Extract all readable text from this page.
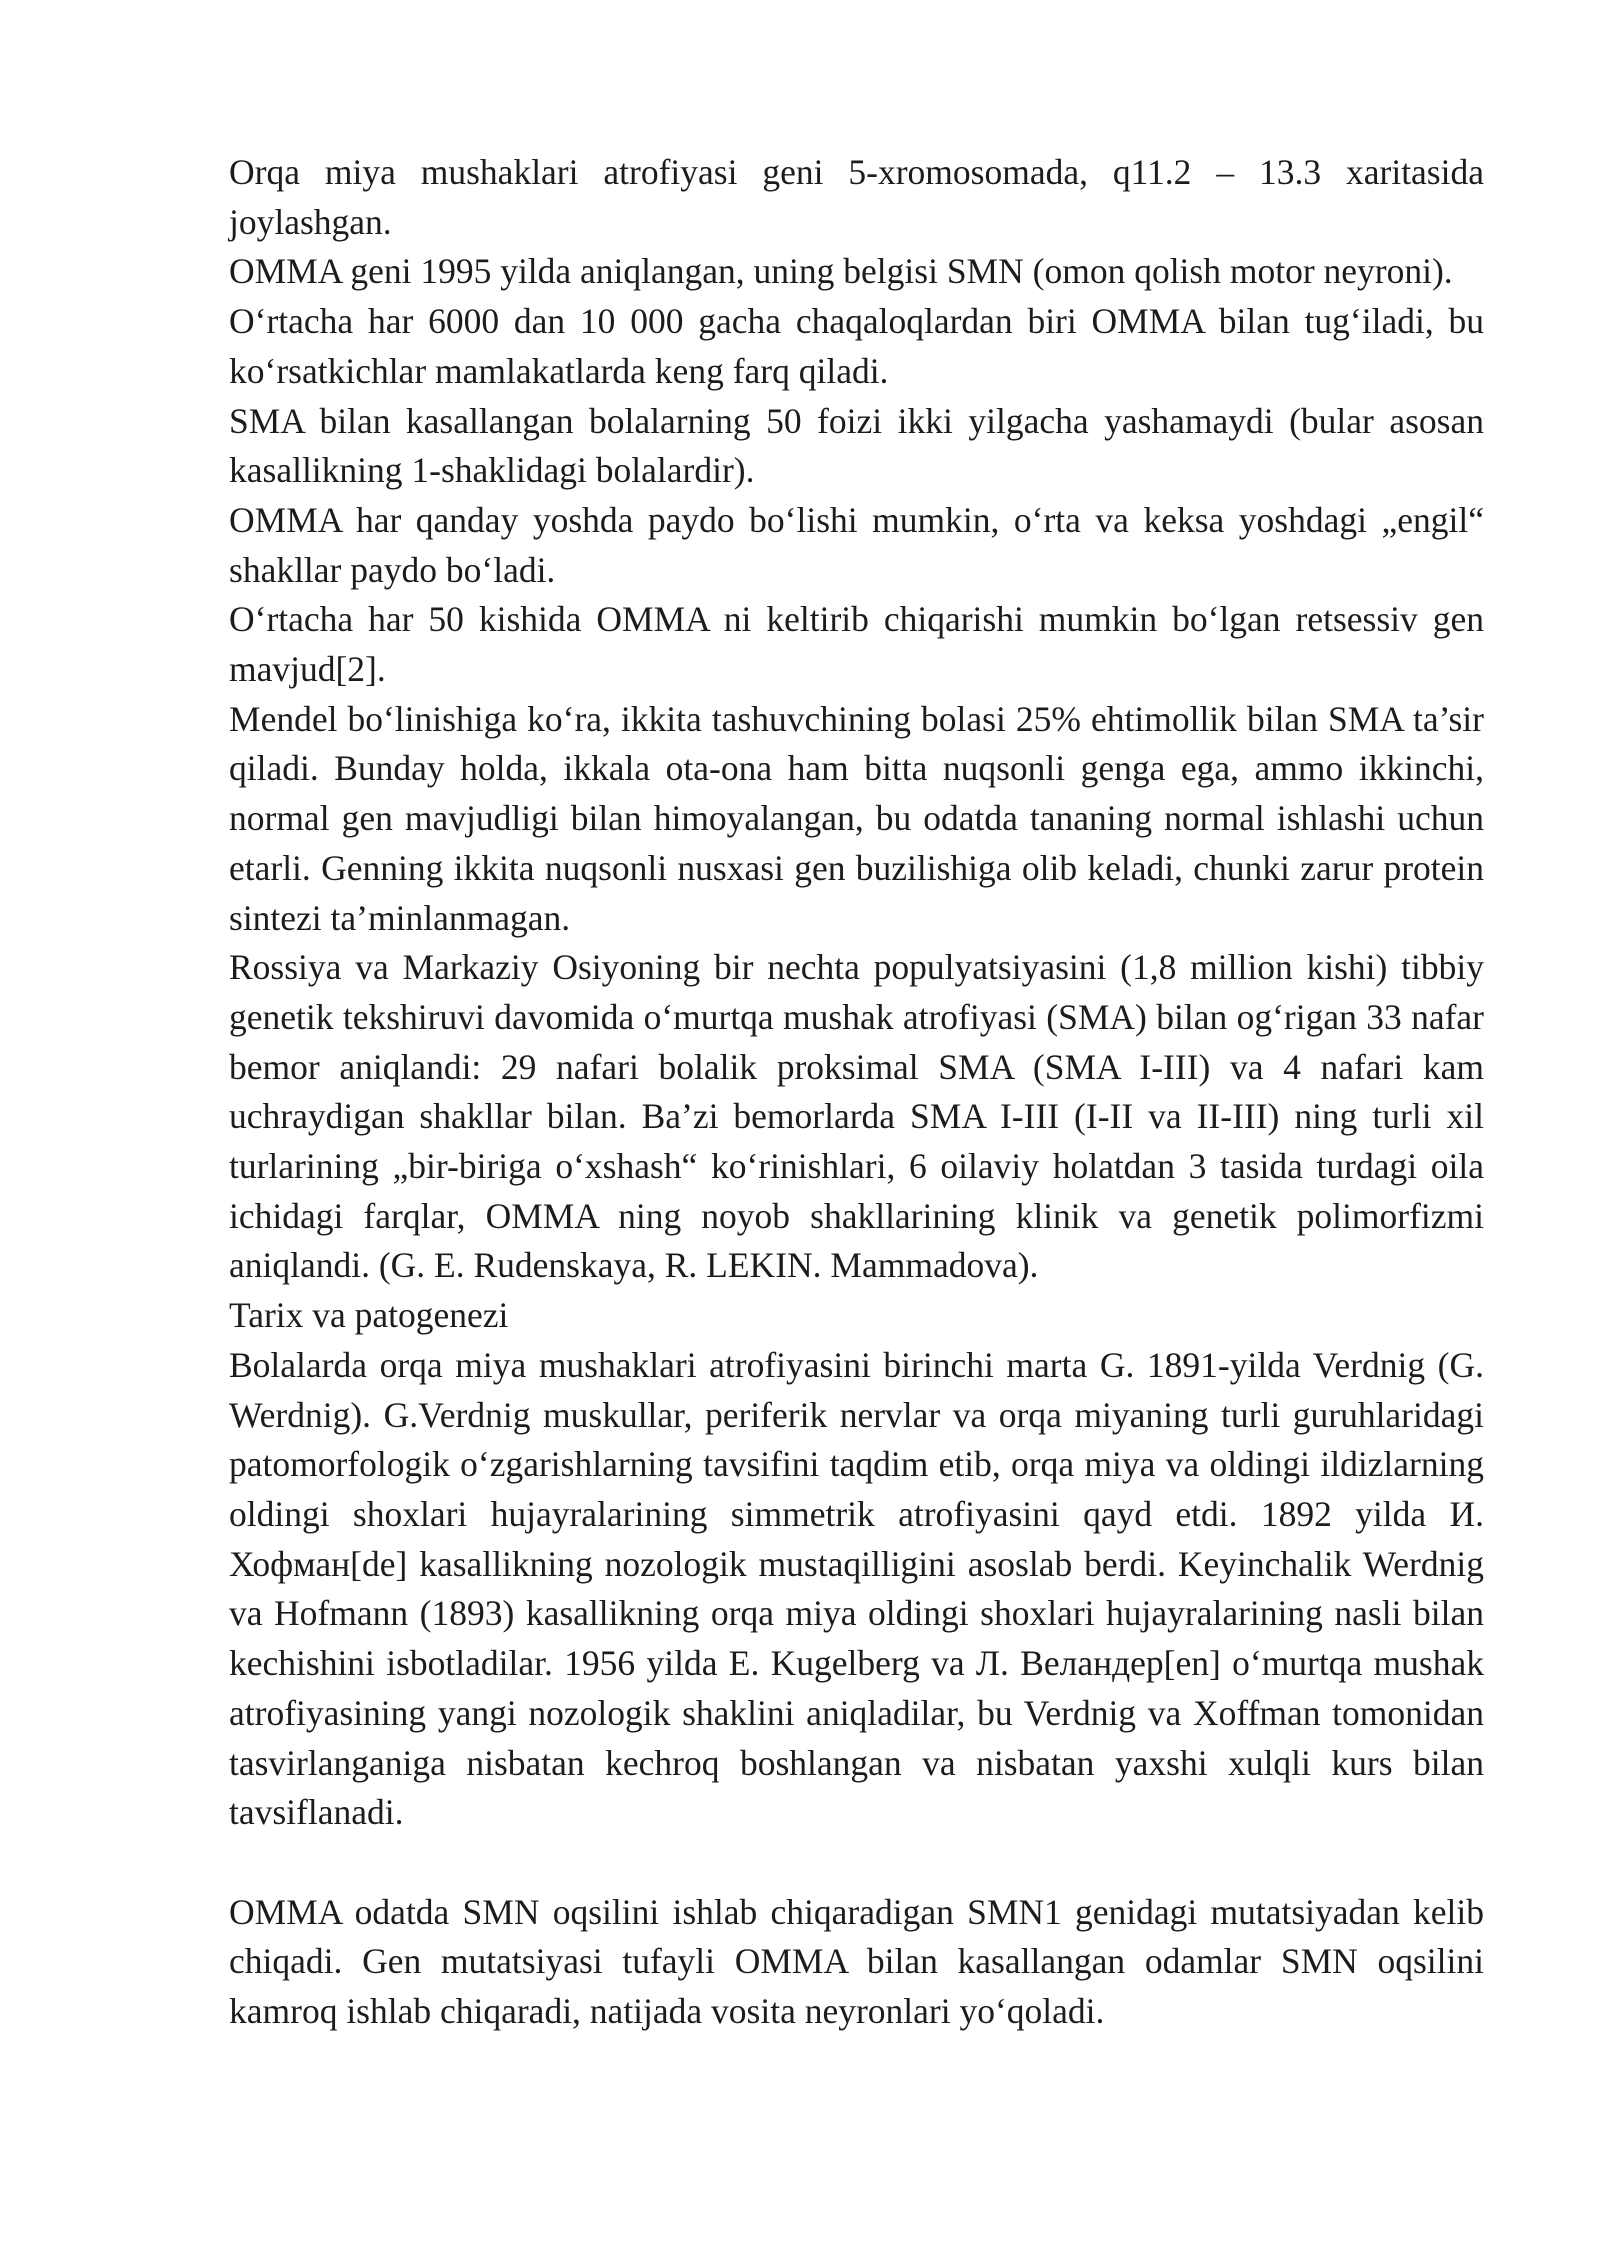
Orqa miya mushaklari atrofiyasi geni 5-xromosomada, q11.2 – 13.3 xaritasida joylashgan.

OMMA geni 1995 yilda aniqlangan, uning belgisi SMN (omon qolish motor neyroni).

O‘rtacha har 6000 dan 10 000 gacha chaqaloqlardan biri OMMA bilan tug‘iladi, bu ko‘rsatkichlar mamlakatlarda keng farq qiladi.

SMA bilan kasallangan bolalarning 50 foizi ikki yilgacha yashamaydi (bular asosan kasallikning 1-shaklidagi bolalardir).

OMMA har qanday yoshda paydo bo‘lishi mumkin, o‘rta va keksa yoshdagi „engil“ shakllar paydo bo‘ladi.

O‘rtacha har 50 kishida OMMA ni keltirib chiqarishi mumkin bo‘lgan retsessiv gen mavjud[2].

Mendel bo‘linishiga ko‘ra, ikkita tashuvchining bolasi 25% ehtimollik bilan SMA ta’sir qiladi. Bunday holda, ikkala ota-ona ham bitta nuqsonli genga ega, ammo ikkinchi, normal gen mavjudligi bilan himoyalangan, bu odatda tananing normal ishlashi uchun etarli. Genning ikkita nuqsonli nusxasi gen buzilishiga olib keladi, chunki zarur protein sintezi ta’minlanmagan.

Rossiya va Markaziy Osiyoning bir nechta populyatsiyasini (1,8 million kishi) tibbiy genetik tekshiruvi davomida o‘murtqa mushak atrofiyasi (SMA) bilan og‘rigan 33 nafar bemor aniqlandi: 29 nafari bolalik proksimal SMA (SMA I-III) va 4 nafari kam uchraydigan shakllar bilan. Ba’zi bemorlarda SMA I-III (I-II va II-III) ning turli xil turlarining „bir-biriga o‘xshash“ ko‘rinishlari, 6 oilaviy holatdan 3 tasida turdagi oila ichidagi farqlar, OMMA ning noyob shakllarining klinik va genetik polimorfizmi aniqlandi. (G. E. Rudenskaya, R. LEKIN. Mammadova).

Tarix va patogenezi

Bolalarda orqa miya mushaklari atrofiyasini birinchi marta G. 1891-yilda Verdnig (G. Werdnig). G.Verdnig muskullar, periferik nervlar va orqa miyaning turli guruhlaridagi patomorfologik o‘zgarishlarning tavsifini taqdim etib, orqa miya va oldingi ildizlarning oldingi shoxlari hujayralarining simmetrik atrofiyasini qayd etdi. 1892 yilda И. Хофман[de] kasallikning nozologik mustaqilligini asoslab berdi. Keyinchalik Werdnig va Hofmann (1893) kasallikning orqa miya oldingi shoxlari hujayralarining nasli bilan kechishini isbotladilar. 1956 yilda E. Kugelberg va Л. Веландер[en] o‘murtqa mushak atrofiyasining yangi nozologik shaklini aniqladilar, bu Verdnig va Xoffman tomonidan tasvirlanganiga nisbatan kechroq boshlangan va nisbatan yaxshi xulqli kurs bilan tavsiflanadi.

OMMA odatda SMN oqsilini ishlab chiqaradigan SMN1 genidagi mutatsiyadan kelib chiqadi. Gen mutatsiyasi tufayli OMMA bilan kasallangan odamlar SMN oqsilini kamroq ishlab chiqaradi, natijada vosita neyronlari yo‘qoladi.
